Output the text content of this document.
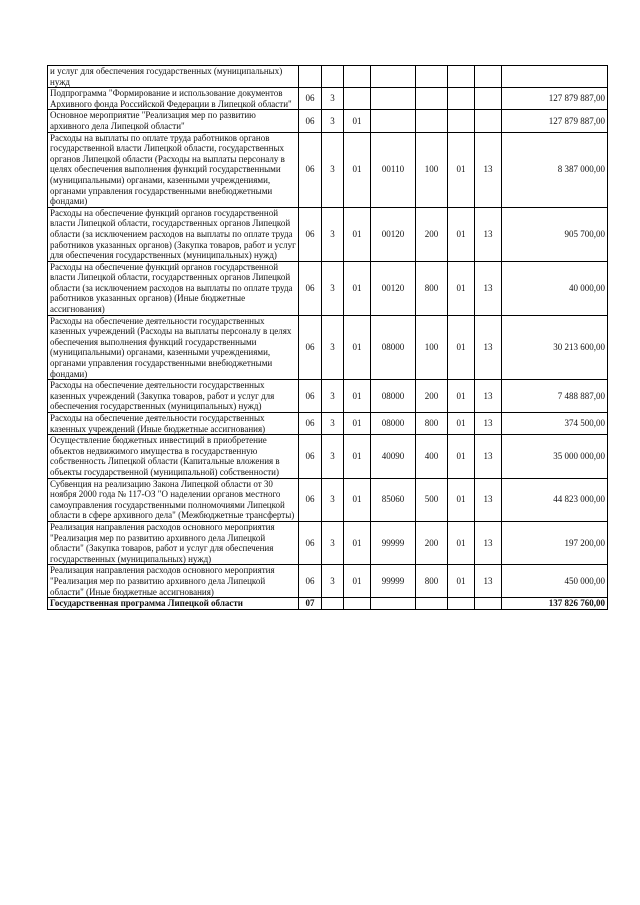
и услуг для обеспечения государственных (муниципальных) нужд								
Подпрограмма "Формирование и использование документов Архивного фонда Российской Федерации в Липецкой области"	06	3						127 879 887,00
Основное мероприятие "Реализация мер по развитию архивного дела Липецкой области"	06	3	01					127 879 887,00
Расходы на выплаты по оплате труда работников органов государственной власти Липецкой области, государственных органов Липецкой области (Расходы на выплаты персоналу в целях обеспечения выполнения функций государственными (муниципальными) органами, казенными учреждениями, органами управления государственными внебюджетными фондами)	06	3	01	00110	100	01	13	8 387 000,00
Расходы на обеспечение функций органов государственной власти Липецкой области, государственных органов Липецкой области (за исключением расходов на выплаты по оплате труда работников указанных органов) (Закупка товаров, работ и услуг для обеспечения государственных (муниципальных) нужд)	06	3	01	00120	200	01	13	905 700,00
Расходы на обеспечение функций органов государственной власти Липецкой области, государственных органов Липецкой области (за исключением расходов на выплаты по оплате труда работников указанных органов) (Иные бюджетные ассигнования)	06	3	01	00120	800	01	13	40 000,00
Расходы на обеспечение деятельности государственных казенных учреждений (Расходы на выплаты персоналу в целях обеспечения выполнения функций государственными (муниципальными) органами, казенными учреждениями, органами управления государственными внебюджетными фондами)	06	3	01	08000	100	01	13	30 213 600,00
Расходы на обеспечение деятельности государственных казенных учреждений (Закупка товаров, работ и услуг для обеспечения государственных (муниципальных) нужд)	06	3	01	08000	200	01	13	7 488 887,00
Расходы на обеспечение деятельности государственных казенных учреждений (Иные бюджетные ассигнования)	06	3	01	08000	800	01	13	374 500,00
Осуществление бюджетных инвестиций в приобретение объектов недвижимого имущества в государственную собственность Липецкой области (Капитальные вложения в объекты государственной (муниципальной) собственности)	06	3	01	40090	400	01	13	35 000 000,00
Субвенция на реализацию Закона Липецкой области от 30 ноября 2000 года № 117-ОЗ "О наделении органов местного самоуправления государственными полномочиями Липецкой области в сфере архивного дела" (Межбюджетные трансферты)	06	3	01	85060	500	01	13	44 823 000,00
Реализация направления расходов основного мероприятия "Реализация мер по развитию архивного дела Липецкой области" (Закупка товаров, работ и услуг для обеспечения государственных (муниципальных) нужд)	06	3	01	99999	200	01	13	197 200,00
Реализация направления расходов основного мероприятия "Реализация мер по развитию архивного дела Липецкой области" (Иные бюджетные ассигнования)	06	3	01	99999	800	01	13	450 000,00
Государственная программа Липецкой области	07							137 826 760,00
